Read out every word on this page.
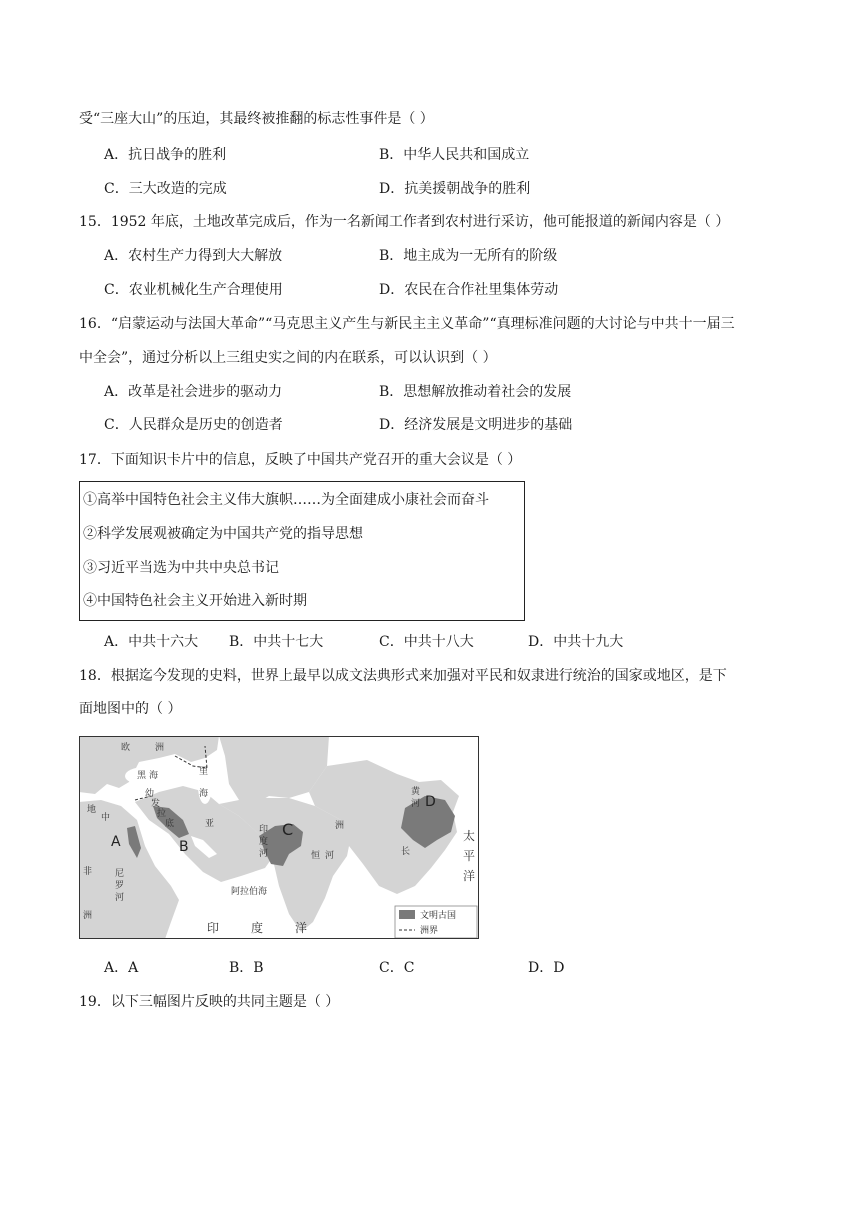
受“三座大山”的压迫，其最终被推翻的标志性事件是（ ）
A．抗日战争的胜利	B．中华人民共和国成立
C．三大改造的完成	D．抗美援朝战争的胜利
15．1952 年底，土地改革完成后，作为一名新闻工作者到农村进行采访，他可能报道的新闻内容是（ ）
A．农村生产力得到大大解放	B．地主成为一无所有的阶级
C．农业机械化生产合理使用	D．农民在合作社里集体劳动
16．“启蒙运动与法国大革命”“马克思主义产生与新民主主义革命”“真理标准问题的大讨论与中共十一届三
中全会”，通过分析以上三组史实之间的内在联系，可以认识到（ ）
A．改革是社会进步的驱动力	B．思想解放推动着社会的发展
C．人民群众是历史的创造者	D．经济发展是文明进步的基础
17．下面知识卡片中的信息，反映了中国共产党召开的重大会议是（ ）
①高举中国特色社会主义伟大旗帜……为全面建成小康社会而奋斗
②科学发展观被确定为中国共产党的指导思想
③习近平当选为中共中央总书记
④中国特色社会主义开始进入新时期
A．中共十六大 B．中共十七大	C．中共十八大	D．中共十九大
18．根据迄今发现的史料，世界上最早以成文法典形式来加强对平民和奴隶进行统治的国家或地区，是下
面地图中的（ ）
A	B
C
D
欧	洲
黑 海	里
海
幼
发
拉
底
地
中
亚	洲
非
洲
尼
罗
河
印
度
河	恒 河
阿拉伯海
黄
河
长
印	度	洋
太
平
洋
文明古国
洲界
A．A	B．B	C．C	D．D
19．以下三幅图片反映的共同主题是（ ）
